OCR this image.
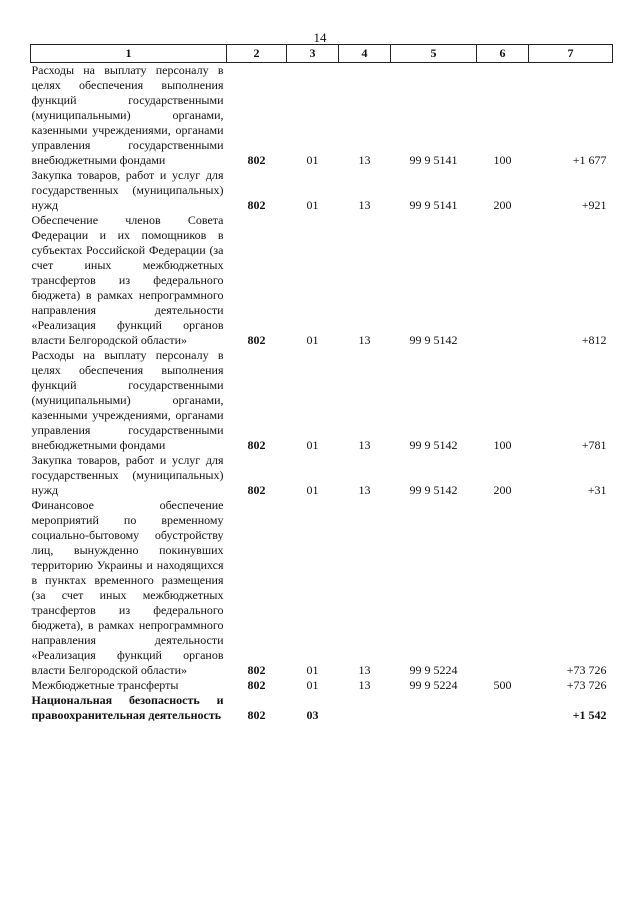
14
1	2	3	4	5	6	7
Расходы на выплату персоналу в целях обеспечения выполнения функций государственными (муниципальными) органами, казенными учреждениями, органами управления государственными внебюджетными фондами	802	01	13	99 9 5141	100	+1 677
Закупка товаров, работ и услуг для государственных (муниципальных) нужд	802	01	13	99 9 5141	200	+921
Обеспечение членов Совета Федерации и их помощников в субъектах Российской Федерации (за счет иных межбюджетных трансфертов из федерального бюджета) в рамках непрограммного направления деятельности «Реализация функций органов власти Белгородской области»	802	01	13	99 9 5142		+812
Расходы на выплату персоналу в целях обеспечения выполнения функций государственными (муниципальными) органами, казенными учреждениями, органами управления государственными внебюджетными фондами	802	01	13	99 9 5142	100	+781
Закупка товаров, работ и услуг для государственных (муниципальных) нужд	802	01	13	99 9 5142	200	+31
Финансовое обеспечение мероприятий по временному социально-бытовому обустройству лиц, вынужденно покинувших территорию Украины и находящихся в пунктах временного размещения (за счет иных межбюджетных трансфертов из федерального бюджета), в рамках непрограммного направления деятельности «Реализация функций органов власти Белгородской области»	802	01	13	99 9 5224		+73 726
Межбюджетные трансферты	802	01	13	99 9 5224	500	+73 726
Национальная безопасность и правоохранительная деятельность	802	03				+1 542
